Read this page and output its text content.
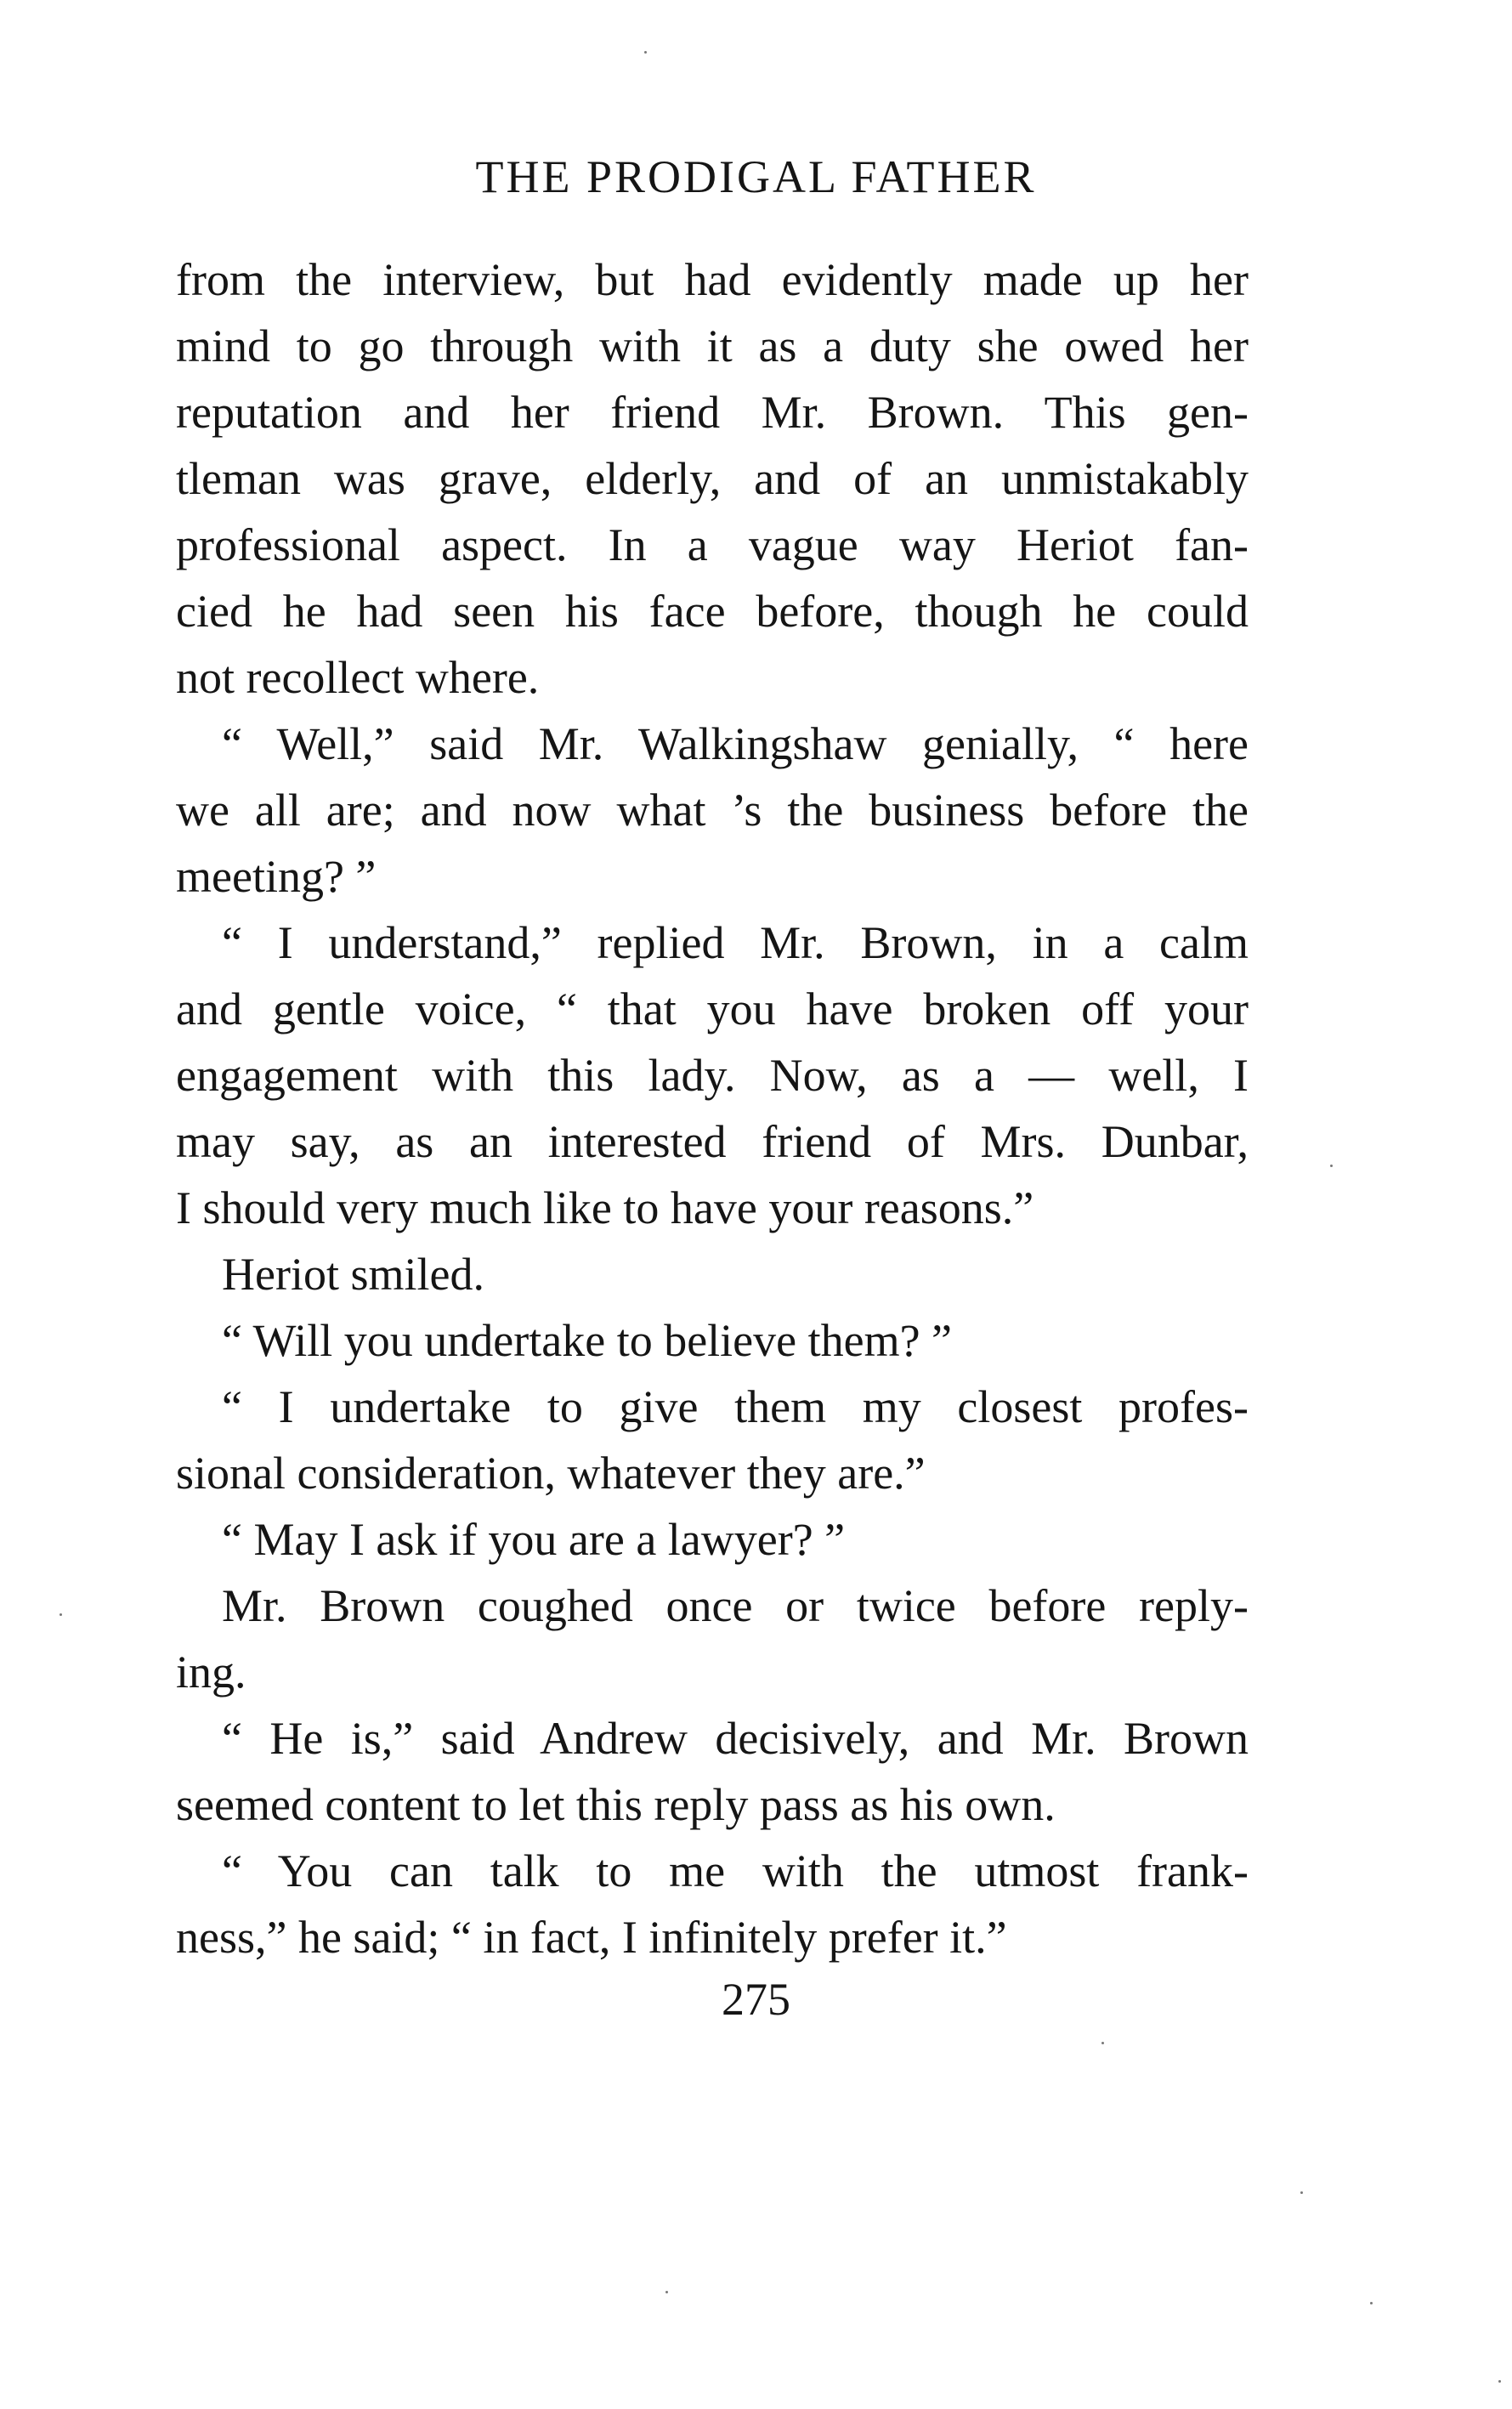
THE PRODIGAL FATHER
from the interview, but had evidently made up her
mind to go through with it as a duty she owed her
reputation and her friend Mr. Brown. This gen-
tleman was grave, elderly, and of an unmistakably
professional aspect. In a vague way Heriot fan-
cied he had seen his face before, though he could
not recollect where.
“ Well,” said Mr. Walkingshaw genially, “ here
we all are; and now what ’s the business before the
meeting? ”
“ I understand,” replied Mr. Brown, in a calm
and gentle voice, “ that you have broken off your
engagement with this lady. Now, as a — well, I
may say, as an interested friend of Mrs. Dunbar,
I should very much like to have your reasons.”
Heriot smiled.
“ Will you undertake to believe them? ”
“ I undertake to give them my closest profes-
sional consideration, whatever they are.”
“ May I ask if you are a lawyer? ”
Mr. Brown coughed once or twice before reply-
ing.
“ He is,” said Andrew decisively, and Mr. Brown
seemed content to let this reply pass as his own.
“ You can talk to me with the utmost frank-
ness,” he said; “ in fact, I infinitely prefer it.”
275
